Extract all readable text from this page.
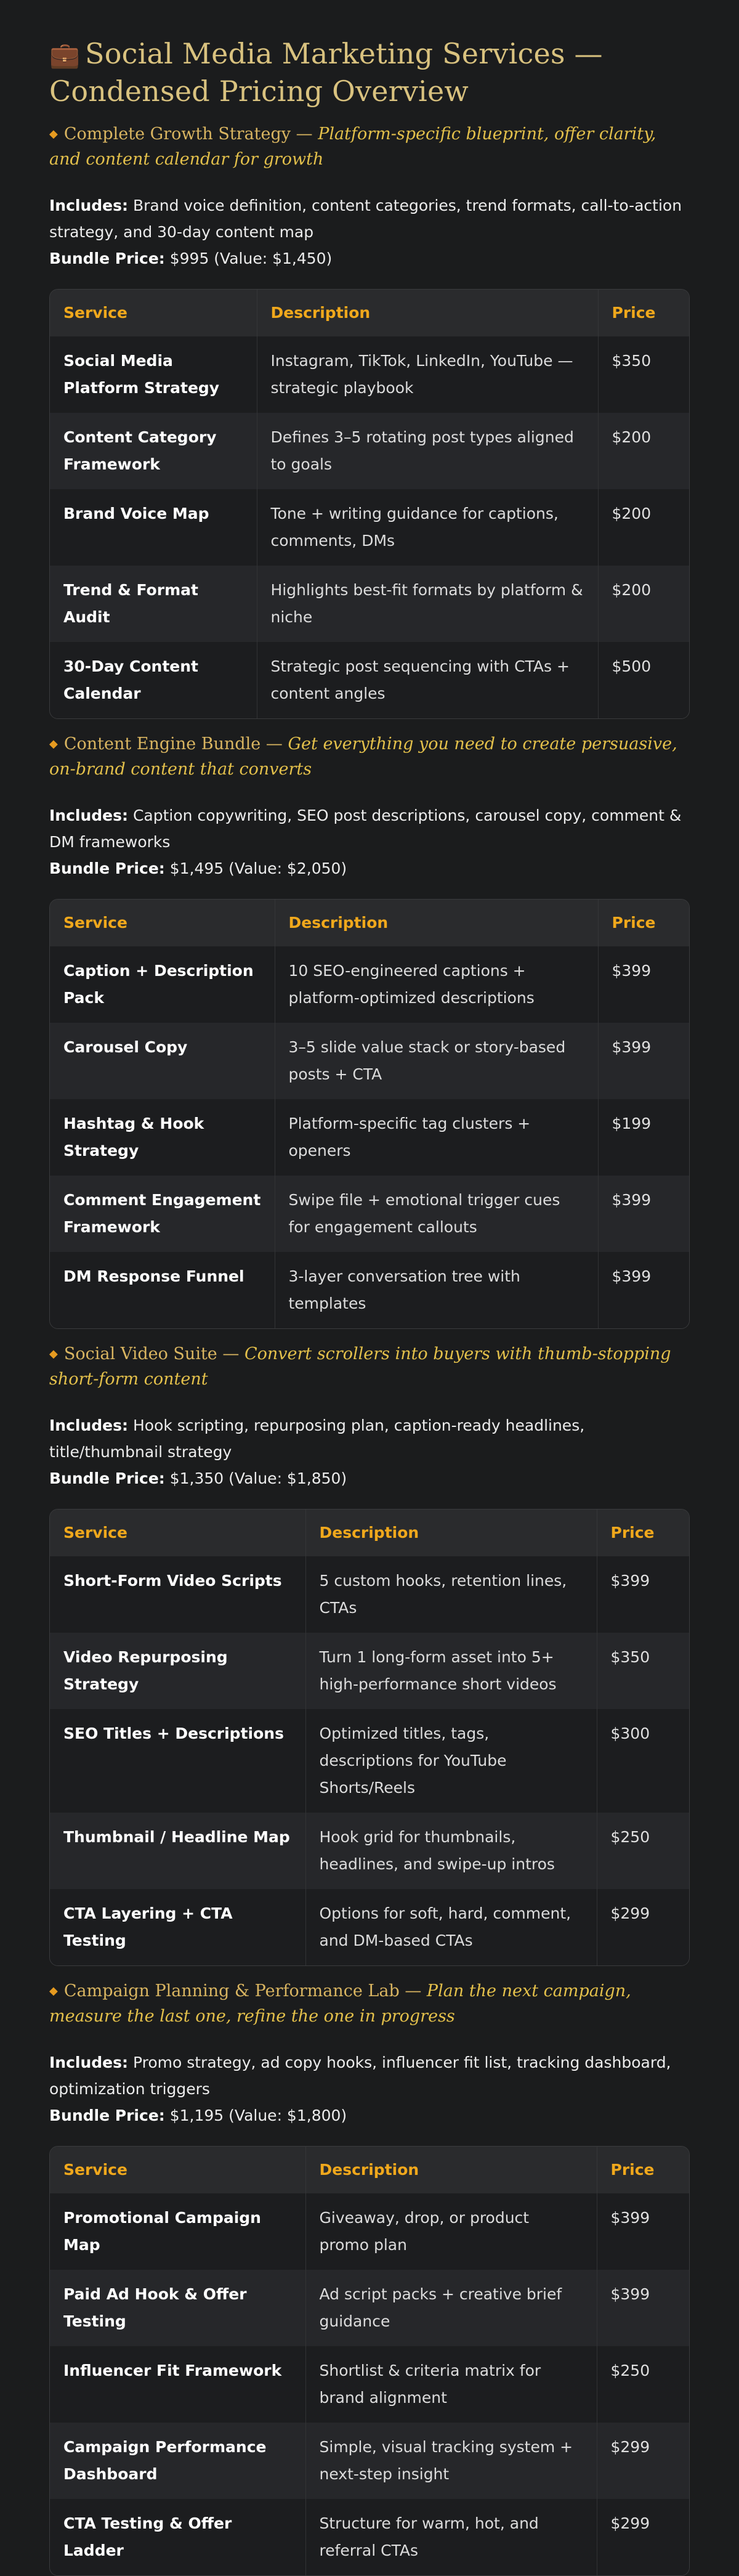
💼 Social Media Marketing Services — Condensed Pricing Overview
◆ Complete Growth Strategy — Platform-specific blueprint, offer clarity, and content calendar for growth

Includes: Brand voice definition, content categories, trend formats, call-to-action strategy, and 30-day content map

Bundle Price: $995 (Value: $1,450)

Service	Description	Price
Social Media Platform Strategy	Instagram, TikTok, LinkedIn, YouTube — strategic playbook	$350
Content Category Framework	Defines 3–5 rotating post types aligned to goals	$200
Brand Voice Map	Tone + writing guidance for captions, comments, DMs	$200
Trend & Format Audit	Highlights best-fit formats by platform & niche	$200
30-Day Content Calendar	Strategic post sequencing with CTAs + content angles	$500
◆ Content Engine Bundle — Get everything you need to create persuasive, on-brand content that converts

Includes: Caption copywriting, SEO post descriptions, carousel copy, comment & DM frameworks

Bundle Price: $1,495 (Value: $2,050)

Service	Description	Price
Caption + Description Pack	10 SEO-engineered captions + platform-optimized descriptions	$399
Carousel Copy	3–5 slide value stack or story-based posts + CTA	$399
Hashtag & Hook Strategy	Platform-specific tag clusters + openers	$199
Comment Engagement Framework	Swipe file + emotional trigger cues for engagement callouts	$399
DM Response Funnel	3-layer conversation tree with templates	$399
◆ Social Video Suite — Convert scrollers into buyers with thumb-stopping short-form content

Includes: Hook scripting, repurposing plan, caption-ready headlines, title/thumbnail strategy

Bundle Price: $1,350 (Value: $1,850)

Service	Description	Price
Short-Form Video Scripts	5 custom hooks, retention lines, CTAs	$399
Video Repurposing Strategy	Turn 1 long-form asset into 5+ high-performance short videos	$350
SEO Titles + Descriptions	Optimized titles, tags, descriptions for YouTube Shorts/Reels	$300
Thumbnail / Headline Map	Hook grid for thumbnails, headlines, and swipe-up intros	$250
CTA Layering + CTA Testing	Options for soft, hard, comment, and DM-based CTAs	$299
◆ Campaign Planning & Performance Lab — Plan the next campaign, measure the last one, refine the one in progress

Includes: Promo strategy, ad copy hooks, influencer fit list, tracking dashboard, optimization triggers

Bundle Price: $1,195 (Value: $1,800)

Service	Description	Price
Promotional Campaign Map	Giveaway, drop, or product promo plan	$399
Paid Ad Hook & Offer Testing	Ad script packs + creative brief guidance	$399
Influencer Fit Framework	Shortlist & criteria matrix for brand alignment	$250
Campaign Performance Dashboard	Simple, visual tracking system + next-step insight	$299
CTA Testing & Offer Ladder	Structure for warm, hot, and referral CTAs	$299
